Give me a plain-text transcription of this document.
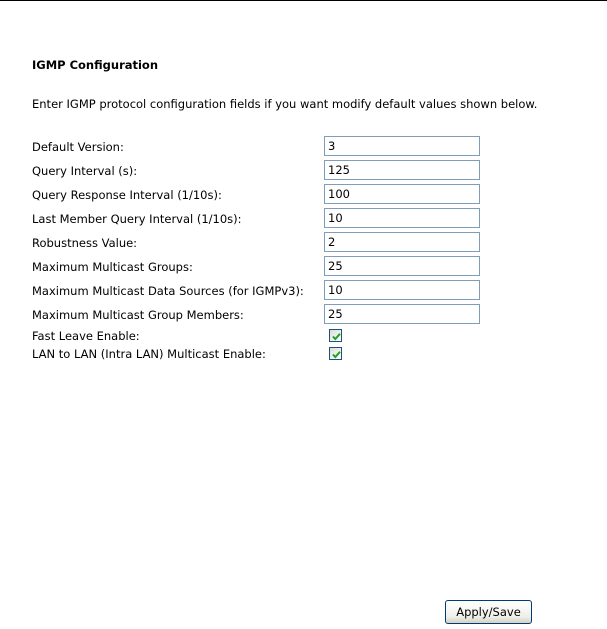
IGMP Configuration
Enter IGMP protocol configuration fields if you want modify default values shown below.
Default Version:
3
Query Interval (s):
125
Query Response Interval (1/10s):
100
Last Member Query Interval (1/10s):
10
Robustness Value:
2
Maximum Multicast Groups:
25
Maximum Multicast Data Sources (for IGMPv3):
10
Maximum Multicast Group Members:
25
Fast Leave Enable:
LAN to LAN (Intra LAN) Multicast Enable:
Apply/Save
